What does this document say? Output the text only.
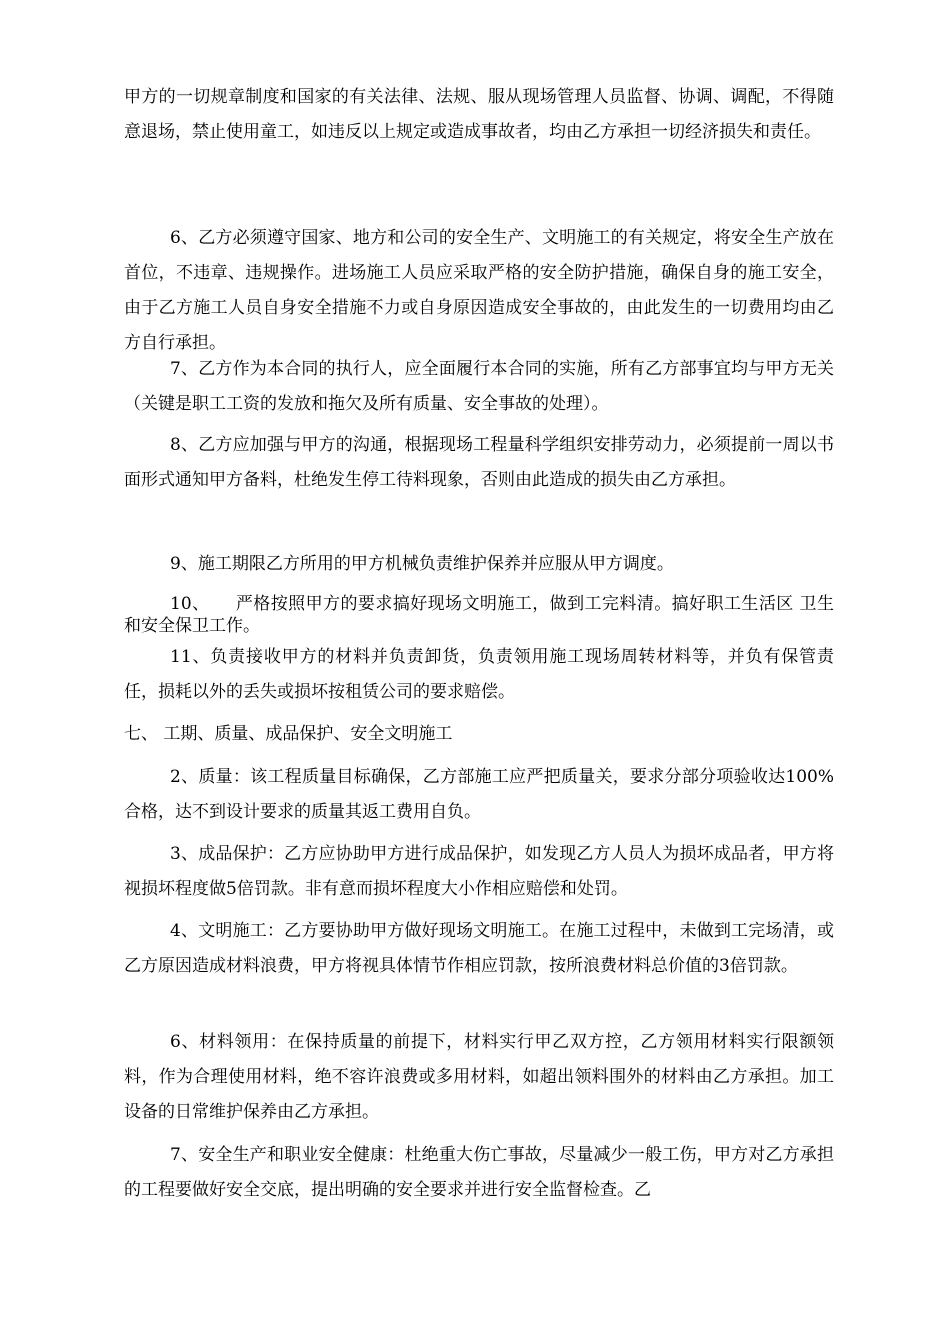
甲方的一切规章制度和国家的有关法律、法规、服从现场管理人员监督、协调、调配，不得随意退场，禁止使用童工，如违反以上规定或造成事故者，均由乙方承担一切经济损失和责任。

6、乙方必须遵守国家、地方和公司的安全生产、文明施工的有关规定，将安全生产放在首位，不违章、违规操作。进场施工人员应采取严格的安全防护措施，确保自身的施工安全，由于乙方施工人员自身安全措施不力或自身原因造成安全事故的，由此发生的一切费用均由乙方自行承担。

7、乙方作为本合同的执行人，应全面履行本合同的实施，所有乙方部事宜均与甲方无关（关键是职工工资的发放和拖欠及所有质量、安全事故的处理）。

8、乙方应加强与甲方的沟通，根据现场工程量科学组织安排劳动力，必须提前一周以书面形式通知甲方备料，杜绝发生停工待料现象，否则由此造成的损失由乙方承担。

9、施工期限乙方所用的甲方机械负责维护保养并应服从甲方调度。

10、　　严格按照甲方的要求搞好现场文明施工，做到工完料清。搞好职工生活区 卫生和安全保卫工作。

11、负责接收甲方的材料并负责卸货，负责领用施工现场周转材料等，并负有保管责任，损耗以外的丢失或损坏按租赁公司的要求赔偿。

七、 工期、质量、成品保护、安全文明施工

2、质量：该工程质量目标确保，乙方部施工应严把质量关，要求分部分项验收达100%合格，达不到设计要求的质量其返工费用自负。

3、成品保护：乙方应协助甲方进行成品保护，如发现乙方人员人为损坏成品者，甲方将视损坏程度做5倍罚款。非有意而损坏程度大小作相应赔偿和处罚。

4、文明施工：乙方要协助甲方做好现场文明施工。在施工过程中，未做到工完场清，或乙方原因造成材料浪费，甲方将视具体情节作相应罚款，按所浪费材料总价值的3倍罚款。

6、材料领用：在保持质量的前提下，材料实行甲乙双方控，乙方领用材料实行限额领料，作为合理使用材料，绝不容许浪费或多用材料，如超出领料围外的材料由乙方承担。加工设备的日常维护保养由乙方承担。

7、安全生产和职业安全健康：杜绝重大伤亡事故，尽量减少一般工伤，甲方对乙方承担的工程要做好安全交底，提出明确的安全要求并进行安全监督检查。乙
